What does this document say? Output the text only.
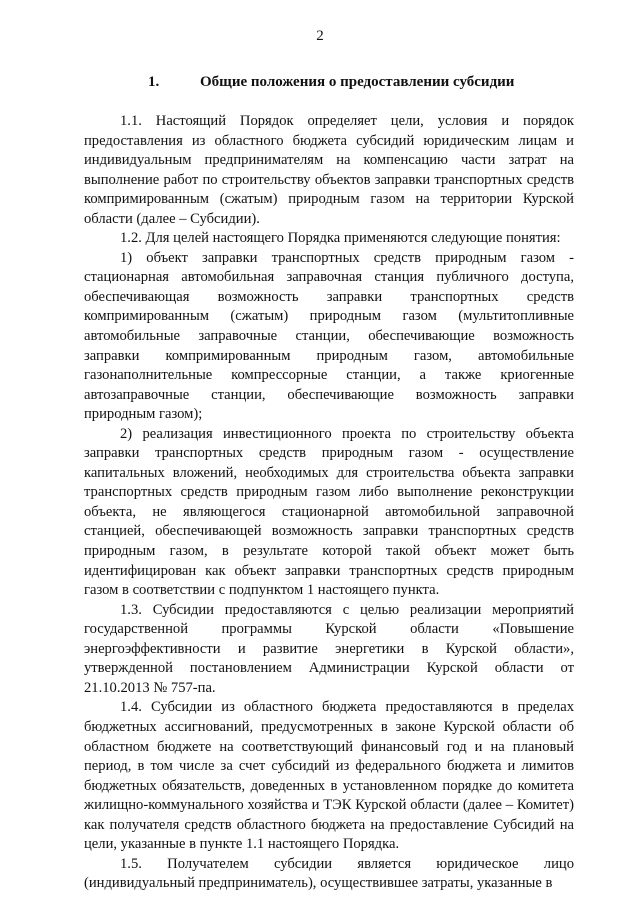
2
1.	Общие положения о предоставлении субсидии

1.1. Настоящий Порядок определяет цели, условия и порядок предоставления из областного бюджета субсидий юридическим лицам и индивидуальным предпринимателям на компенсацию части затрат на выполнение работ по строительству объектов заправки транспортных средств компримированным (сжатым) природным газом на территории Курской области (далее – Субсидии).

1.2. Для целей настоящего Порядка применяются следующие понятия:

1) объект заправки транспортных средств природным газом - стационарная автомобильная заправочная станция публичного доступа, обеспечивающая возможность заправки транспортных средств компримированным (сжатым) природным газом (мультитопливные автомобильные заправочные станции, обеспечивающие возможность заправки компримированным природным газом, автомобильные газонаполнительные компрессорные станции, а также криогенные автозаправочные станции, обеспечивающие возможность заправки природным газом);

2) реализация инвестиционного проекта по строительству объекта заправки транспортных средств природным газом - осуществление капитальных вложений, необходимых для строительства объекта заправки транспортных средств природным газом либо выполнение реконструкции объекта, не являющегося стационарной автомобильной заправочной станцией, обеспечивающей возможность заправки транспортных средств природным газом, в результате которой такой объект может быть идентифицирован как объект заправки транспортных средств природным газом в соответствии с подпунктом 1 настоящего пункта.

1.3. Субсидии предоставляются с целью реализации мероприятий государственной программы Курской области «Повышение энергоэффективности и развитие энергетики в Курской области», утвержденной постановлением Администрации Курской области от 21.10.2013 № 757-па.

1.4. Субсидии из областного бюджета предоставляются в пределах бюджетных ассигнований, предусмотренных в законе Курской области об областном бюджете на соответствующий финансовый год и на плановый период, в том числе за счет субсидий из федерального бюджета и лимитов бюджетных обязательств, доведенных в установленном порядке до комитета жилищно-коммунального хозяйства и ТЭК Курской области (далее – Комитет) как получателя средств областного бюджета на предоставление Субсидий на цели, указанные в пункте 1.1 настоящего Порядка.

1.5. Получателем субсидии является юридическое лицо (индивидуальный предприниматель), осуществившее затраты, указанные в
